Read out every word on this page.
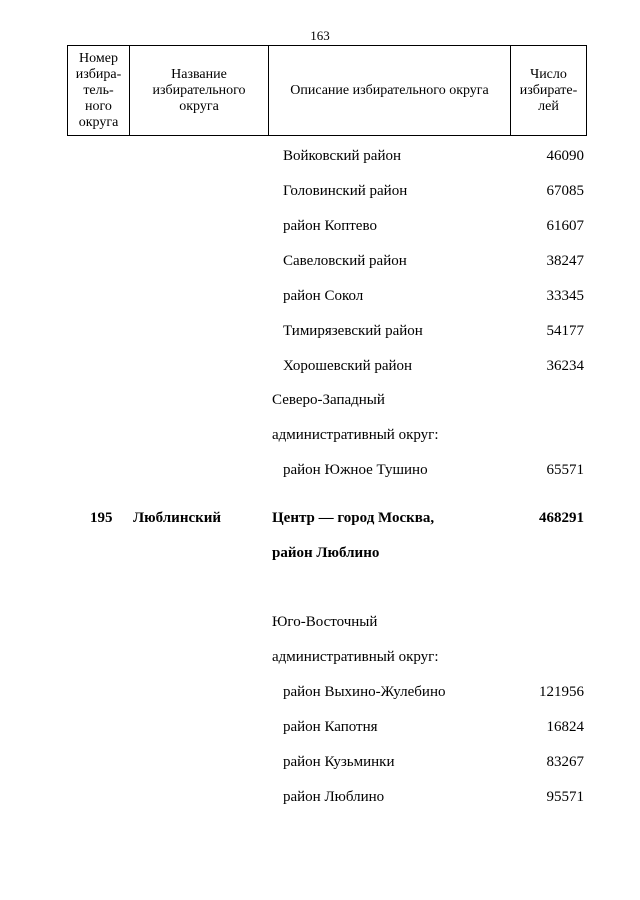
163
Номер избира- тель- ного округа	Название избирательного округа	Описание избирательного округа	Число избирате- лей
Войковский район	46090
Головинский район	67085
район Коптево	61607
Савеловский район	38247
район Сокол	33345
Тимирязевский район	54177
Хорошевский район	36234
Северо-Западный
административный округ:
район Южное Тушино	65571
195 Люблинский	Центр — город Москва,	468291
район Люблино
Юго-Восточный
административный округ:
район Выхино-Жулебино	121956
район Капотня	16824
район Кузьминки	83267
район Люблино	95571
